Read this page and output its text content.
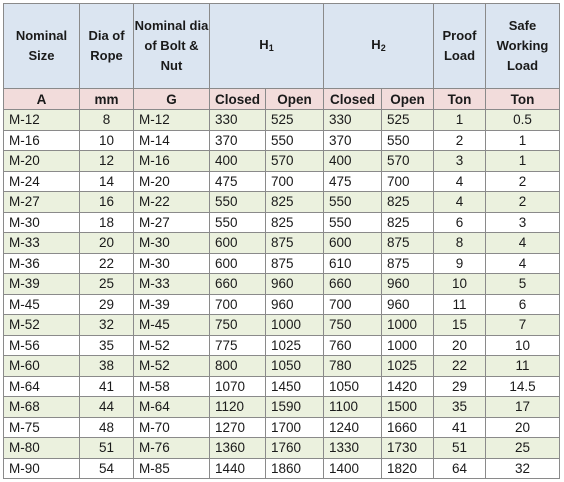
Nominal Size	Dia of Rope	Nominal dia of Bolt & Nut	$H_1$		$H_2$		Proof Load	Safe Working Load
A	mm	G	Closed	Open	Closed	Open	Ton	Ton
M-12	8	M-12	330	525	330	525	1	0.5
M-16	10	M-14	370	550	370	550	2	1
M-20	12	M-16	400	570	400	570	3	1
M-24	14	M-20	475	700	475	700	4	2
M-27	16	M-22	550	825	550	825	4	2
M-30	18	M-27	550	825	550	825	6	3
M-33	20	M-30	600	875	600	875	8	4
M-36	22	M-30	600	875	610	875	9	4
M-39	25	M-33	660	960	660	960	10	5
M-45	29	M-39	700	960	700	960	11	6
M-52	32	M-45	750	1000	750	1000	15	7
M-56	35	M-52	775	1025	760	1000	20	10
M-60	38	M-52	800	1050	780	1025	22	11
M-64	41	M-58	1070	1450	1050	1420	29	14.5
M-68	44	M-64	1120	1590	1100	1500	35	17
M-75	48	M-70	1270	1700	1240	1660	41	20
M-80	51	M-76	1360	1760	1330	1730	51	25
M-90	54	M-85	1440	1860	1400	1820	64	32
